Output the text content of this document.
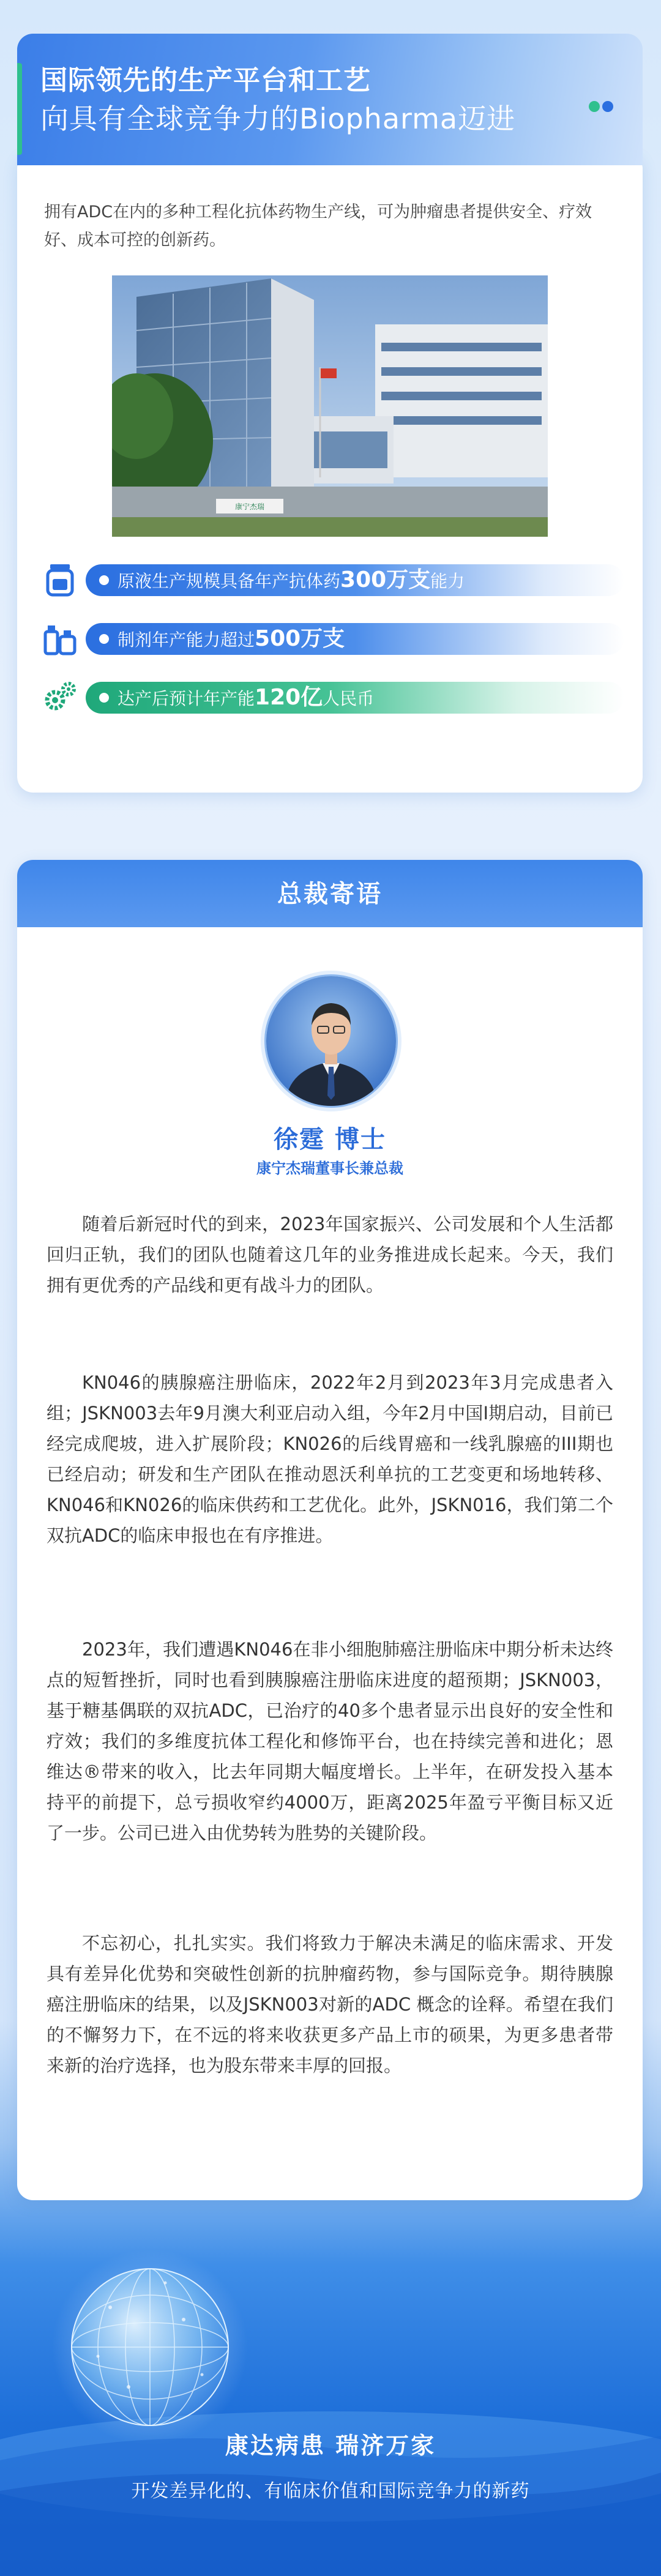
拥有ADC在内的多种工程化抗体药物生产线，可为肿瘤患者提供安全、疗效好、成本可控的创新药。
康宁杰瑞
原液生产规模具备年产抗体药300万支能力
制剂年产能力超过500万支
达产后预计年产能120亿人民币
国际领先的生产平台和工艺
向具有全球竞争力的Biopharma迈进
总裁寄语
徐霆 博士
康宁杰瑞董事长兼总裁
随着后新冠时代的到来，2023年国家振兴、公司发展和个人生活都回归正轨，我们的团队也随着这几年的业务推进成长起来。今天，我们拥有更优秀的产品线和更有战斗力的团队。
KN046的胰腺癌注册临床，2022年2月到2023年3月完成患者入组；JSKN003去年9月澳大利亚启动入组，今年2月中国I期启动，目前已经完成爬坡，进入扩展阶段；KN026的后线胃癌和一线乳腺癌的III期也已经启动；研发和生产团队在推动恩沃利单抗的工艺变更和场地转移、KN046和KN026的临床供药和工艺优化。此外，JSKN016，我们第二个双抗ADC的临床申报也在有序推进。
2023年，我们遭遇KN046在非小细胞肺癌注册临床中期分析未达终点的短暂挫折，同时也看到胰腺癌注册临床进度的超预期；JSKN003，基于糖基偶联的双抗ADC，已治疗的40多个患者显示出良好的安全性和疗效；我们的多维度抗体工程化和修饰平台，也在持续完善和进化；恩维达®带来的收入，比去年同期大幅度增长。上半年，在研发投入基本持平的前提下，总亏损收窄约4000万，距离2025年盈亏平衡目标又近了一步。公司已进入由优势转为胜势的关键阶段。
不忘初心，扎扎实实。我们将致力于解决未满足的临床需求、开发具有差异化优势和突破性创新的抗肿瘤药物，参与国际竞争。期待胰腺癌注册临床的结果，以及JSKN003对新的ADC 概念的诠释。希望在我们的不懈努力下，在不远的将来收获更多产品上市的硕果，为更多患者带来新的治疗选择，也为股东带来丰厚的回报。
康达病患 瑞济万家
开发差异化的、有临床价值和国际竞争力的新药
